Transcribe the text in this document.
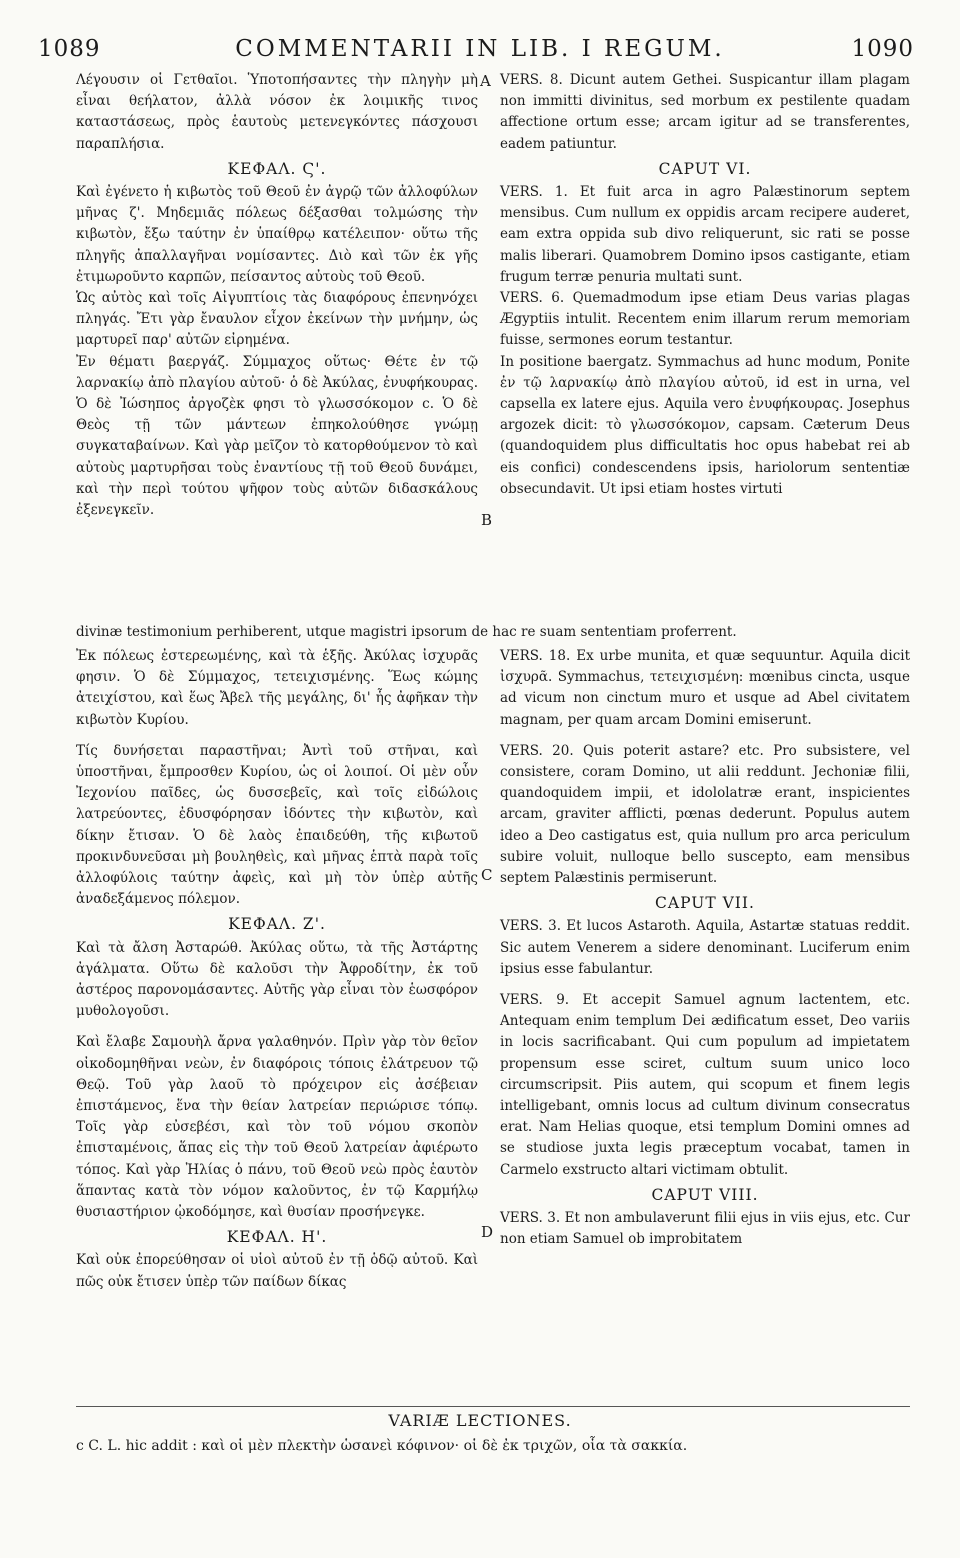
1089	COMMENTARII IN LIB. I REGUM.	1090
A
B
C
D

Λέγουσιν οἱ Γετθαῖοι. Ὑποτοπήσαντες τὴν πληγὴν μὴ εἶναι θεήλατον, ἀλλὰ νόσον ἐκ λοιμικῆς τινος καταστάσεως, πρὸς ἑαυτοὺς μετενεγκόντες πάσχουσι παραπλήσια.

ΚΕΦΑΛ. Ϛ'.

Καὶ ἐγένετο ἡ κιβωτὸς τοῦ Θεοῦ ἐν ἀγρῷ τῶν ἀλλοφύλων μῆνας ζ'. Μηδεμιᾶς πόλεως δέξασθαι τολμώσης τὴν κιβωτὸν, ἔξω ταύτην ἐν ὑπαίθρῳ κατέλειπον· οὕτω τῆς πληγῆς ἀπαλλαγῆναι νομίσαντες. Διὸ καὶ τῶν ἐκ γῆς ἐτιμωροῦντο καρπῶν, πείσαντος αὐτοὺς τοῦ Θεοῦ.

Ὡς αὐτὸς καὶ τοῖς Αἰγυπτίοις τὰς διαφόρους ἐπενηνόχει πληγάς. Ἔτι γὰρ ἔναυλον εἶχον ἐκείνων τὴν μνήμην, ὡς μαρτυρεῖ παρ' αὐτῶν εἰρημένα.

Ἐν θέματι βαεργάζ. Σύμμαχος οὕτως· Θέτε ἐν τῷ λαρνακίῳ ἀπὸ πλαγίου αὐτοῦ· ὁ δὲ Ἀκύλας, ἐνυφήκουρας. Ὁ δὲ Ἰώσηπος ἀργοζὲκ φησι τὸ γλωσσόκομον c. Ὁ δὲ Θεὸς τῇ τῶν μάντεων ἐπηκολούθησε γνώμῃ συγκαταβαίνων. Καὶ γὰρ μεῖζον τὸ κατορθούμενον τὸ καὶ αὐτοὺς μαρτυρῆσαι τοὺς ἐναντίους τῇ τοῦ Θεοῦ δυνάμει, καὶ τὴν περὶ τούτου ψῆφον τοὺς αὐτῶν διδασκάλους ἐξενεγκεῖν.

VERS. 8. Dicunt autem Gethei. Suspicantur illam plagam non immitti divinitus, sed morbum ex pestilente quadam affectione ortum esse; arcam igitur ad se transferentes, eadem patiuntur.

CAPUT VI.

VERS. 1. Et fuit arca in agro Palæstinorum septem mensibus. Cum nullum ex oppidis arcam recipere auderet, eam extra oppida sub divo reliquerunt, sic rati se posse malis liberari. Quamobrem Domino ipsos castigante, etiam frugum terræ penuria multati sunt.

VERS. 6. Quemadmodum ipse etiam Deus varias plagas Ægyptiis intulit. Recentem enim illarum rerum memoriam fuisse, sermones eorum testantur.

In positione baergatz. Symmachus ad hunc modum, Ponite ἐν τῷ λαρνακίῳ ἀπὸ πλαγίου αὐτοῦ, id est in urna, vel capsella ex latere ejus. Aquila vero ἐνυφήκουρας. Josephus argozek dicit: τὸ γλωσσόκομον, capsam. Cæterum Deus (quandoquidem plus difficultatis hoc opus habebat rei ab eis confici) condescendens ipsis, hariolorum sententiæ obsecundavit. Ut ipsi etiam hostes virtuti

divinæ testimonium perhiberent, utque magistri ipsorum de hac re suam sententiam proferrent.

Ἐκ πόλεως ἐστερεωμένης, καὶ τὰ ἑξῆς. Ἀκύλας ἰσχυρᾶς φησιν. Ὁ δὲ Σύμμαχος, τετειχισμένης. Ἕως κώμης ἀτειχίστου, καὶ ἕως Ἄβελ τῆς μεγάλης, δι' ἧς ἀφῆκαν τὴν κιβωτὸν Κυρίου.

Τίς δυνήσεται παραστῆναι; Ἀντὶ τοῦ στῆναι, καὶ ὑποστῆναι, ἔμπροσθεν Κυρίου, ὡς οἱ λοιποί. Οἱ μὲν οὖν Ἰεχονίου παῖδες, ὡς δυσσεβεῖς, καὶ τοῖς εἰδώλοις λατρεύοντες, ἐδυσφόρησαν ἰδόντες τὴν κιβωτὸν, καὶ δίκην ἔτισαν. Ὁ δὲ λαὸς ἐπαιδεύθη, τῆς κιβωτοῦ προκινδυνεῦσαι μὴ βουληθεὶς, καὶ μῆνας ἑπτὰ παρὰ τοῖς ἀλλοφύλοις ταύτην ἀφεὶς, καὶ μὴ τὸν ὑπὲρ αὐτῆς ἀναδεξάμενος πόλεμον.

ΚΕΦΑΛ. Ζ'.

Καὶ τὰ ἄλση Ἀσταρώθ. Ἀκύλας οὕτω, τὰ τῆς Ἀστάρτης ἀγάλματα. Οὕτω δὲ καλοῦσι τὴν Ἀφροδίτην, ἐκ τοῦ ἀστέρος παρονομάσαντες. Αὐτῆς γὰρ εἶναι τὸν ἑωσφόρον μυθολογοῦσι.

Καὶ ἔλαβε Σαμουὴλ ἄρνα γαλαθηνόν. Πρὶν γὰρ τὸν θεῖον οἰκοδομηθῆναι νεὼν, ἐν διαφόροις τόποις ἐλάτρευον τῷ Θεῷ. Τοῦ γὰρ λαοῦ τὸ πρόχειρον εἰς ἀσέβειαν ἐπιστάμενος, ἕνα τὴν θείαν λατρείαν περιώρισε τόπῳ. Τοῖς γὰρ εὐσεβέσι, καὶ τὸν τοῦ νόμου σκοπὸν ἐπισταμένοις, ἅπας εἰς τὴν τοῦ Θεοῦ λατρείαν ἀφιέρωτο τόπος. Καὶ γὰρ Ἠλίας ὁ πάνυ, τοῦ Θεοῦ νεὼ πρὸς ἑαυτὸν ἅπαντας κατὰ τὸν νόμον καλοῦντος, ἐν τῷ Καρμήλῳ θυσιαστήριον ᾠκοδόμησε, καὶ θυσίαν προσήνεγκε.

ΚΕΦΑΛ. Η'.

Καὶ οὐκ ἐπορεύθησαν οἱ υἱοὶ αὐτοῦ ἐν τῇ ὁδῷ αὐτοῦ. Καὶ πῶς οὐκ ἔτισεν ὑπὲρ τῶν παίδων δίκας

VERS. 18. Ex urbe munita, et quæ sequuntur. Aquila dicit ἰσχυρᾶ. Symmachus, τετειχισμένη: mœnibus cincta, usque ad vicum non cinctum muro et usque ad Abel civitatem magnam, per quam arcam Domini emiserunt.

VERS. 20. Quis poterit astare? etc. Pro subsistere, vel consistere, coram Domino, ut alii reddunt. Jechoniæ filii, quandoquidem impii, et idololatræ erant, inspicientes arcam, graviter afflicti, pœnas dederunt. Populus autem ideo a Deo castigatus est, quia nullum pro arca periculum subire voluit, nulloque bello suscepto, eam mensibus septem Palæstinis permiserunt.

CAPUT VII.

VERS. 3. Et lucos Astaroth. Aquila, Astartæ statuas reddit. Sic autem Venerem a sidere denominant. Luciferum enim ipsius esse fabulantur.

VERS. 9. Et accepit Samuel agnum lactentem, etc. Antequam enim templum Dei ædificatum esset, Deo variis in locis sacrificabant. Qui cum populum ad impietatem propensum esse sciret, cultum suum unico loco circumscripsit. Piis autem, qui scopum et finem legis intelligebant, omnis locus ad cultum divinum consecratus erat. Nam Helias quoque, etsi templum Domini omnes ad se studiose juxta legis præceptum vocabat, tamen in Carmelo exstructo altari victimam obtulit.

CAPUT VIII.

VERS. 3. Et non ambulaverunt filii ejus in viis ejus, etc. Cur non etiam Samuel ob improbitatem

VARIÆ LECTIONES.
c C. L. hic addit : καὶ οἱ μὲν πλεκτὴν ὡσανεὶ κόφινον· οἱ δὲ ἐκ τριχῶν, οἷα τὰ σακκία.
